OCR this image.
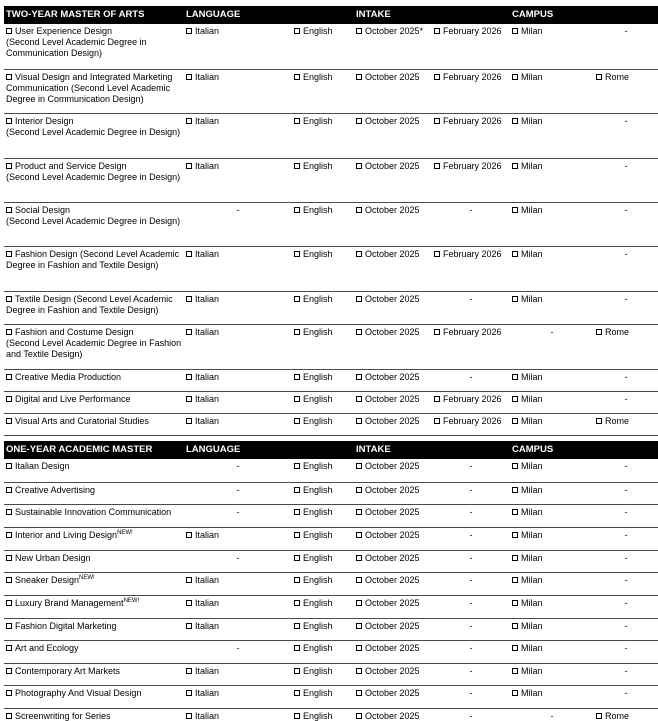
TWO-YEAR MASTER OF ARTS	LANGUAGE		INTAKE		CAMPUS	
User Experience Design
(Second Level Academic Degree in Communication Design)	Italian	English	October 2025*	February 2026	Milan	-

Visual Design and Integrated Marketing Communication (Second Level Academic Degree in Communication Design)	Italian	English	October 2025	February 2026	Milan	Rome
Interior Design
(Second Level Academic Degree in Design)	Italian	English	October 2025	February 2026	Milan	-

Product and Service Design
(Second Level Academic Degree in Design)	Italian	English	October 2025	February 2026	Milan	-

Social Design
(Second Level Academic Degree in Design)	-	English	October 2025	-	Milan	-

Fashion Design (Second Level Academic Degree in Fashion and Textile Design)	Italian	English	October 2025	February 2026	Milan	-

Textile Design (Second Level Academic Degree in Fashion and Textile Design)	Italian	English	October 2025	-	Milan	-

Fashion and Costume Design
(Second Level Academic Degree in Fashion and Textile Design)	Italian	English	October 2025	February 2026	-	Rome
Creative Media Production	Italian	English	October 2025	-	Milan	-

Digital and Live Performance	Italian	English	October 2025	February 2026	Milan	-

Visual Arts and Curatorial Studies	Italian	English	October 2025	February 2026	Milan	Rome

ONE-YEAR ACADEMIC MASTER	LANGUAGE		INTAKE		CAMPUS	
Italian Design	-	English	October 2025	-	Milan	-

Creative Advertising	-	English	October 2025	-	Milan	-

Sustainable Innovation Communication	-	English	October 2025	-	Milan	-

Interior and Living Design$^{NEW!}$	Italian	English	October 2025	-	Milan	-

New Urban Design	-	English	October 2025	-	Milan	-

Sneaker Design$^{NEW!}$	Italian	English	October 2025	-	Milan	-

Luxury Brand Management$^{NEW!}$	Italian	English	October 2025	-	Milan	-

Fashion Digital Marketing	Italian	English	October 2025	-	Milan	-

Art and Ecology	-	English	October 2025	-	Milan	-

Contemporary Art Markets	Italian	English	October 2025	-	Milan	-

Photography And Visual Design	Italian	English	October 2025	-	Milan	-

Screenwriting for Series	Italian	English	October 2025	-	-	Rome
